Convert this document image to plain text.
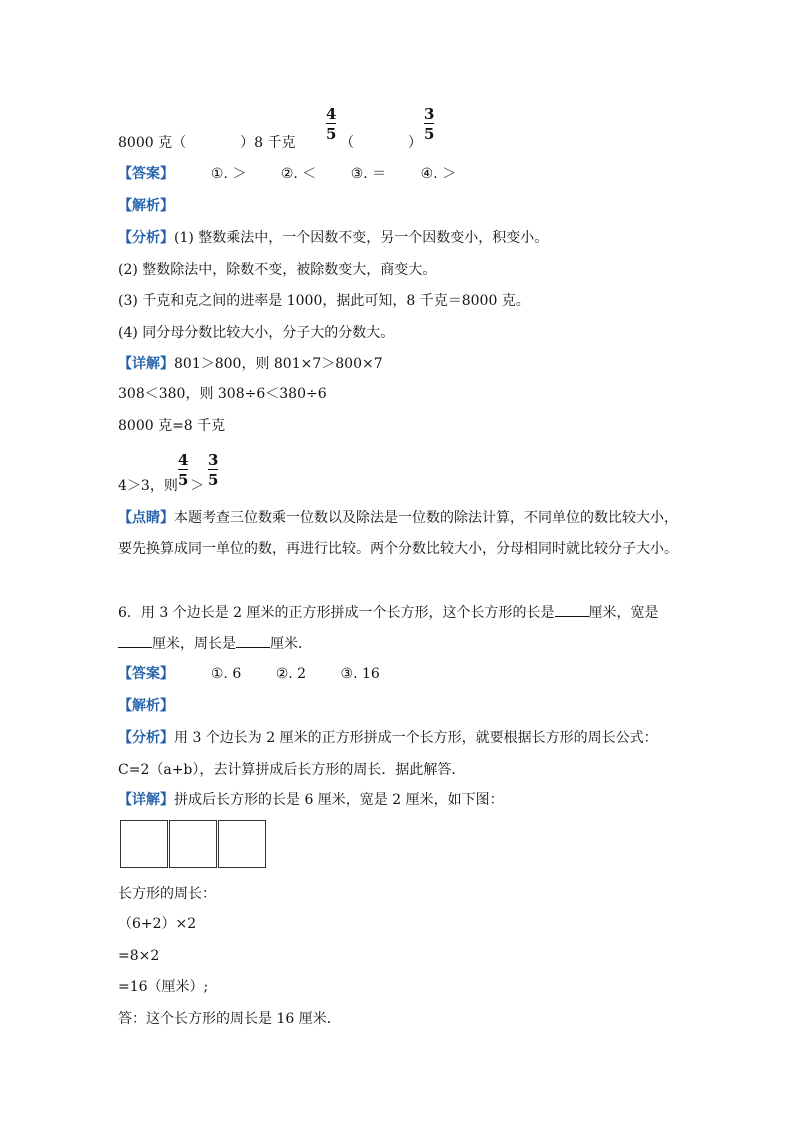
8000 克（	）8 千克
4
5 （	）
3
5
【答案】	①. ＞ ②. ＜ ③. ＝ ④. ＞
【解析】
【分析】(1) 整数乘法中，一个因数不变，另一个因数变小，积变小。
(2) 整数除法中，除数不变，被除数变大，商变大。
(3) 千克和克之间的进率是 1000，据此可知，8 千克＝8000 克。
(4) 同分母分数比较大小，分子大的分数大。
【详解】801＞800，则 801×7＞800×7
308＜380，则 308÷6＜380÷6
8000 克=8 千克
4＞3，则
4
5 ＞
3
5
【点睛】本题考查三位数乘一位数以及除法是一位数的除法计算，不同单位的数比较大小，
要先换算成同一单位的数，再进行比较。两个分数比较大小，分母相同时就比较分子大小。
6．用 3 个边长是 2 厘米的正方形拼成一个长方形，这个长方形的长是 厘米，宽是
厘米，周长是 厘米．
【答案】	①. 6 ②. 2 ③. 16
【解析】
【分析】用 3 个边长为 2 厘米的正方形拼成一个长方形，就要根据长方形的周长公式：
C=2（a+b），去计算拼成后长方形的周长．据此解答．
【详解】拼成后长方形的长是 6 厘米，宽是 2 厘米，如下图：
长方形的周长：
（6+2）×2
=8×2
=16（厘米）;
答：这个长方形的周长是 16 厘米．
